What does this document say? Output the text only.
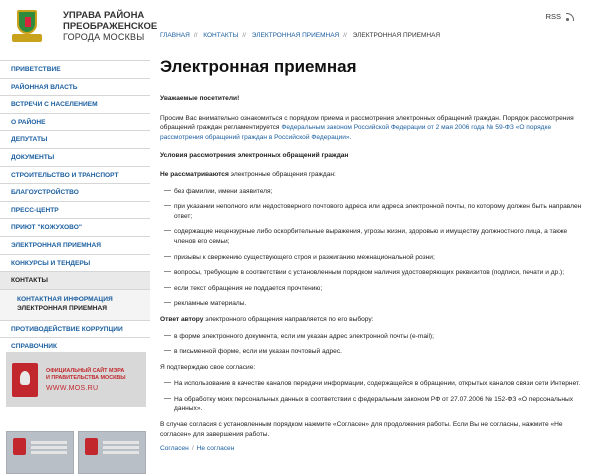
УПРАВА РАЙОНА
ПРЕОБРАЖЕНСКОЕ
ГОРОДА МОСКВЫ
RSS
ПРИВЕТСТВИЕ
РАЙОННАЯ ВЛАСТЬ
ВСТРЕЧИ С НАСЕЛЕНИЕМ
О РАЙОНЕ
ДЕПУТАТЫ
ДОКУМЕНТЫ
СТРОИТЕЛЬСТВО И ТРАНСПОРТ
БЛАГОУСТРОЙСТВО
ПРЕСС-ЦЕНТР
ПРИЮТ "КОЖУХОВО"
ЭЛЕКТРОННАЯ ПРИЕМНАЯ
КОНКУРСЫ И ТЕНДЕРЫ
КОНТАКТЫ
КОНТАКТНАЯ ИНФОРМАЦИЯ
ЭЛЕКТРОННАЯ ПРИЕМНАЯ
ПРОТИВОДЕЙСТВИЕ КОРРУПЦИИ
СПРАВОЧНИК
ОФИЦИАЛЬНЫЙ САЙТ МЭРА
И ПРАВИТЕЛЬСТВА МОСКВЫ
WWW.MOS.RU
ГЛАВНАЯ // КОНТАКТЫ // ЭЛЕКТРОННАЯ ПРИЕМНАЯ // ЭЛЕКТРОННАЯ ПРИЕМНАЯ
Электронная приемная

Уважаемые посетители!

Просим Вас внимательно ознакомиться с порядком приема и рассмотрения электронных обращений граждан. Порядок рассмотрения обращений граждан регламентируется Федеральным законом Российской Федерации от 2 мая 2006 года № 59-ФЗ «О порядке рассмотрения обращений граждан в Российской Федерации».

Условия рассмотрения электронных обращений граждан

Не рассматриваются электронные обращения граждан:

— без фамилии, имени заявителя;
— при указании неполного или недостоверного почтового адреса или адреса электронной почты, по которому должен быть направлен ответ;
— содержащие нецензурные либо оскорбительные выражения, угрозы жизни, здоровью и имуществу должностного лица, а также членов его семьи;
— призывы к свержению существующего строя и разжиганию межнациональной розни;
— вопросы, требующие в соответствии с установленным порядком наличия удостоверяющих реквизитов (подписи, печати и др.);
— если текст обращения не поддается прочтению;
— рекламные материалы.

Ответ автору электронного обращения направляется по его выбору:

— в форме электронного документа, если им указан адрес электронной почты (e-mail);
— в письменной форме, если им указан почтовый адрес.

Я подтверждаю свое согласие:

— На использование в качестве каналов передачи информации, содержащейся в обращении, открытых каналов связи сети Интернет.
— На обработку моих персональных данных в соответствии с федеральным законом РФ от 27.07.2006 № 152-ФЗ «О персональных данных».

В случае согласия с установленным порядком нажмите «Согласен» для продолжения работы. Если Вы не согласны, нажмите «Не согласен» для завершения работы.

Согласен / Не согласен
